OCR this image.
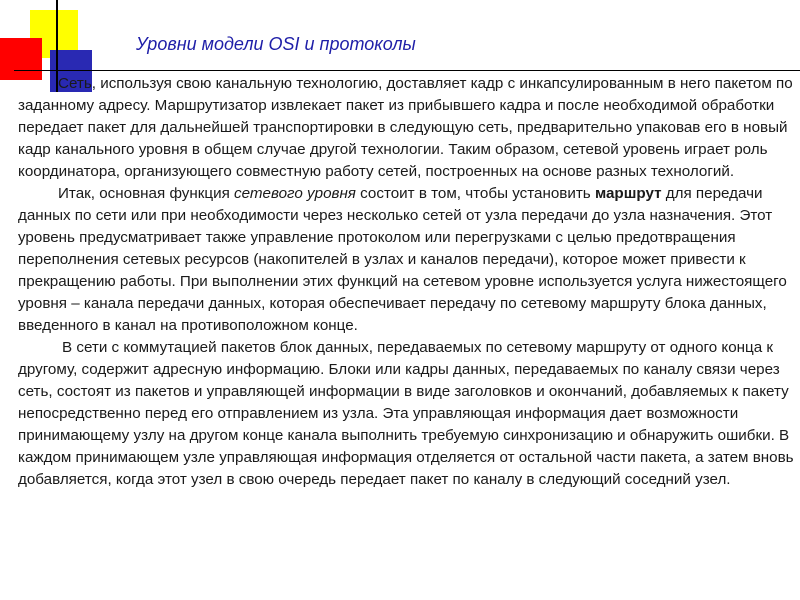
Уровни модели OSI и протоколы

Сеть, используя свою канальную технологию, доставляет кадр с инкапсулированным в него пакетом по заданному адресу. Маршрутизатор извлекает пакет из прибывшего кадра и после необходимой обработки передает пакет для дальнейшей транспортировки в следующую сеть, предварительно упаковав его в новый кадр канального уровня в общем случае другой технологии. Таким образом, сетевой уровень играет роль координатора, организующего совместную работу сетей, построенных на основе разных технологий.

Итак, основная функция сетевого уровня состоит в том, чтобы установить маршрут для передачи данных по сети или при необходимости через несколько сетей от узла передачи до узла назначения. Этот уровень предусматривает также управление протоколом или перегрузками с целью предотвращения переполнения сетевых ресурсов (накопителей в узлах и каналов передачи), которое может привести к прекращению работы. При выполнении этих функций на сетевом уровне используется услуга нижестоящего уровня – канала передачи данных, которая обеспечивает передачу по сетевому маршруту блока данных, введенного в канал на противоположном конце.

В сети с коммутацией пакетов блок данных, передаваемых по сетевому маршруту от одного конца к другому, содержит адресную информацию. Блоки или кадры данных, передаваемых по каналу связи через сеть, состоят из пакетов и управляющей информации в виде заголовков и окончаний, добавляемых к пакету непосредственно перед его отправлением из узла. Эта управляющая информация дает возможности принимающему узлу на другом конце канала выполнить требуемую синхронизацию и обнаружить ошибки. В каждом принимающем узле управляющая информация отделяется от остальной части пакета, а затем вновь добавляется, когда этот узел в свою очередь передает пакет по каналу в следующий соседний узел.
